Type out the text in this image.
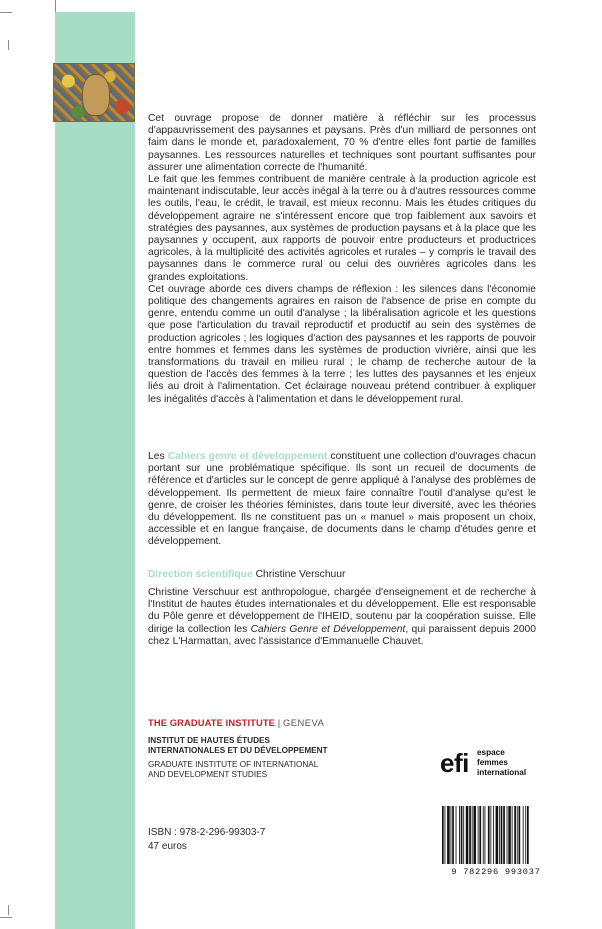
Cet ouvrage propose de donner matière à réfléchir sur les processus d'appauvrissement des paysannes et paysans. Près d'un milliard de personnes ont faim dans le monde et, paradoxalement, 70 % d'entre elles font partie de familles paysannes. Les ressources naturelles et techniques sont pourtant suffisantes pour assurer une alimentation correcte de l'humanité.

Le fait que les femmes contribuent de manière centrale à la production agricole est maintenant indiscutable, leur accès inégal à la terre ou à d'autres ressources comme les outils, l'eau, le crédit, le travail, est mieux reconnu. Mais les études critiques du développement agraire ne s'intéressent encore que trop faiblement aux savoirs et stratégies des paysannes, aux systèmes de production paysans et à la place que les paysannes y occupent, aux rapports de pouvoir entre producteurs et productrices agricoles, à la multiplicité des activités agricoles et rurales – y compris le travail des paysannes dans le commerce rural ou celui des ouvrières agricoles dans les grandes exploitations.

Cet ouvrage aborde ces divers champs de réflexion : les silences dans l'économie politique des changements agraires en raison de l'absence de prise en compte du genre, entendu comme un outil d'analyse ; la libéralisation agricole et les questions que pose l'articulation du travail reproductif et productif au sein des systèmes de production agricoles ; les logiques d'action des paysannes et les rapports de pouvoir entre hommes et femmes dans les systèmes de production vivrière, ainsi que les transformations du travail en milieu rural ; le champ de recherche autour de la question de l'accès des femmes à la terre ; les luttes des paysannes et les enjeux liés au droit à l'alimentation. Cet éclairage nouveau prétend contribuer à expliquer les inégalités d'accès à l'alimentation et dans le développement rural.

Les Cahiers genre et développement constituent une collection d'ouvrages chacun portant sur une problématique spécifique. Ils sont un recueil de documents de référence et d'articles sur le concept de genre appliqué à l'analyse des problèmes de développement. Ils permettent de mieux faire connaître l'outil d'analyse qu'est le genre, de croiser les théories féministes, dans toute leur diversité, avec les théories du développement. Ils ne constituent pas un « manuel » mais proposent un choix, accessible et en langue française, de documents dans le champ d'études genre et développement.

Direction scientifique Christine Verschuur

Christine Verschuur est anthropologue, chargée d'enseignement et de recherche à l'Institut de hautes études internationales et du développement. Elle est responsable du Pôle genre et développement de l'IHEID, soutenu par la coopération suisse. Elle dirige la collection les Cahiers Genre et Développement, qui paraissent depuis 2000 chez L'Harmattan, avec l'assistance d'Emmanuelle Chauvet.

THE GRADUATE INSTITUTE | GENEVA
INSTITUT DE HAUTES ÉTUDES
INTERNATIONALES ET DU DÉVELOPPEMENT
GRADUATE INSTITUTE OF INTERNATIONAL
AND DEVELOPMENT STUDIES	efi espace
femmes
international
ISBN : 978-2-296-99303-7
47 euros
9 782296 993037
